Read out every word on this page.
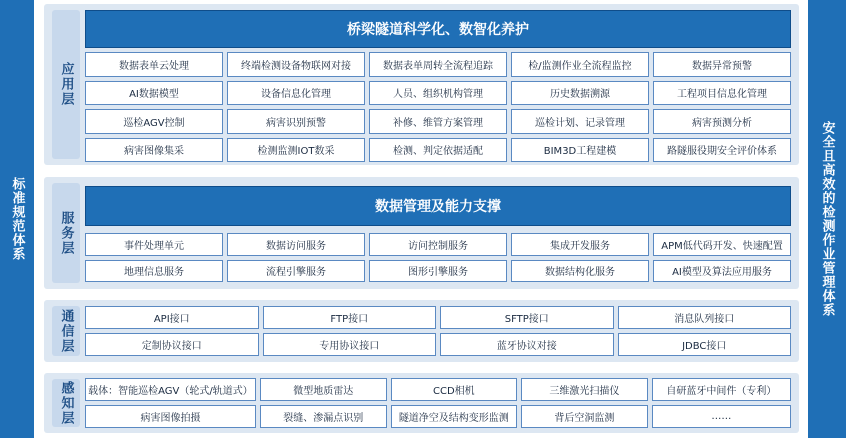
标准规范体系	安全且高效的检测作业管理体系
应用层
桥梁隧道科学化、数智化养护
数据表单云处理	终端检测设备物联网对接	数据表单周转全流程追踪	检/监测作业全流程监控	数据异常预警
AI数据模型	设备信息化管理	人员、组织机构管理	历史数据溯源	工程项目信息化管理
巡检AGV控制	病害识别预警	补修、维管方案管理	巡检计划、记录管理	病害预测分析
病害图像集采	检测监测IOT数采	检测、判定依据适配	BIM3D工程建模	路隧服役期安全评价体系
服务层
数据管理及能力支撑
事件处理单元	数据访问服务	访问控制服务	集成开发服务	APM低代码开发、快速配置
地理信息服务	流程引擎服务	图形引擎服务	数据结构化服务	AI模型及算法应用服务
通信层	API接口	FTP接口	SFTP接口	消息队列接口
定制协议接口	专用协议接口	蓝牙协议对接	JDBC接口
感知层	载体：智能巡检AGV（轮式/轨道式）	微型地质雷达	CCD相机	三维激光扫描仪	自研蓝牙中间件（专利）
病害图像拍摄	裂缝、渗漏点识别	隧道净空及结构变形监测	背后空洞监测	……
